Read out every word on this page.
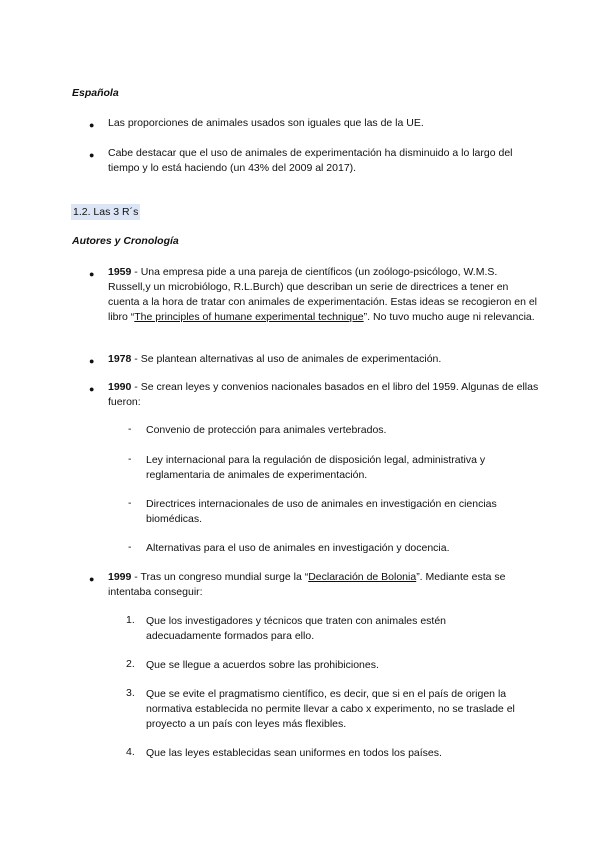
Española
● Las proporciones de animales usados son iguales que las de la UE.
● Cabe destacar que el uso de animales de experimentación ha disminuido a lo largo del tiempo y lo está haciendo (un 43% del 2009 al 2017).
1.2. Las 3 R´s
Autores y Cronología
● 1959 - Una empresa pide a una pareja de científicos (un zoólogo-psicólogo, W.M.S. Russell,y un microbiólogo, R.L.Burch) que describan un serie de directrices a tener en cuenta a la hora de tratar con animales de experimentación. Estas ideas se recogieron en el libro “The principles of humane experimental technique”. No tuvo mucho auge ni relevancia.
● 1978 - Se plantean alternativas al uso de animales de experimentación.
● 1990 - Se crean leyes y convenios nacionales basados en el libro del 1959. Algunas de ellas fueron:
- Convenio de protección para animales vertebrados.
- Ley internacional para la regulación de disposición legal, administrativa y reglamentaria de animales de experimentación.
- Directrices internacionales de uso de animales en investigación en ciencias biomédicas.
- Alternativas para el uso de animales en investigación y docencia.
● 1999 - Tras un congreso mundial surge la “Declaración de Bolonia”. Mediante esta se intentaba conseguir:
1. Que los investigadores y técnicos que traten con animales estén adecuadamente formados para ello.
2. Que se llegue a acuerdos sobre las prohibiciones.
3. Que se evite el pragmatismo científico, es decir, que si en el país de origen la normativa establecida no permite llevar a cabo x experimento, no se traslade el proyecto a un país con leyes más flexibles.
4. Que las leyes establecidas sean uniformes en todos los países.
